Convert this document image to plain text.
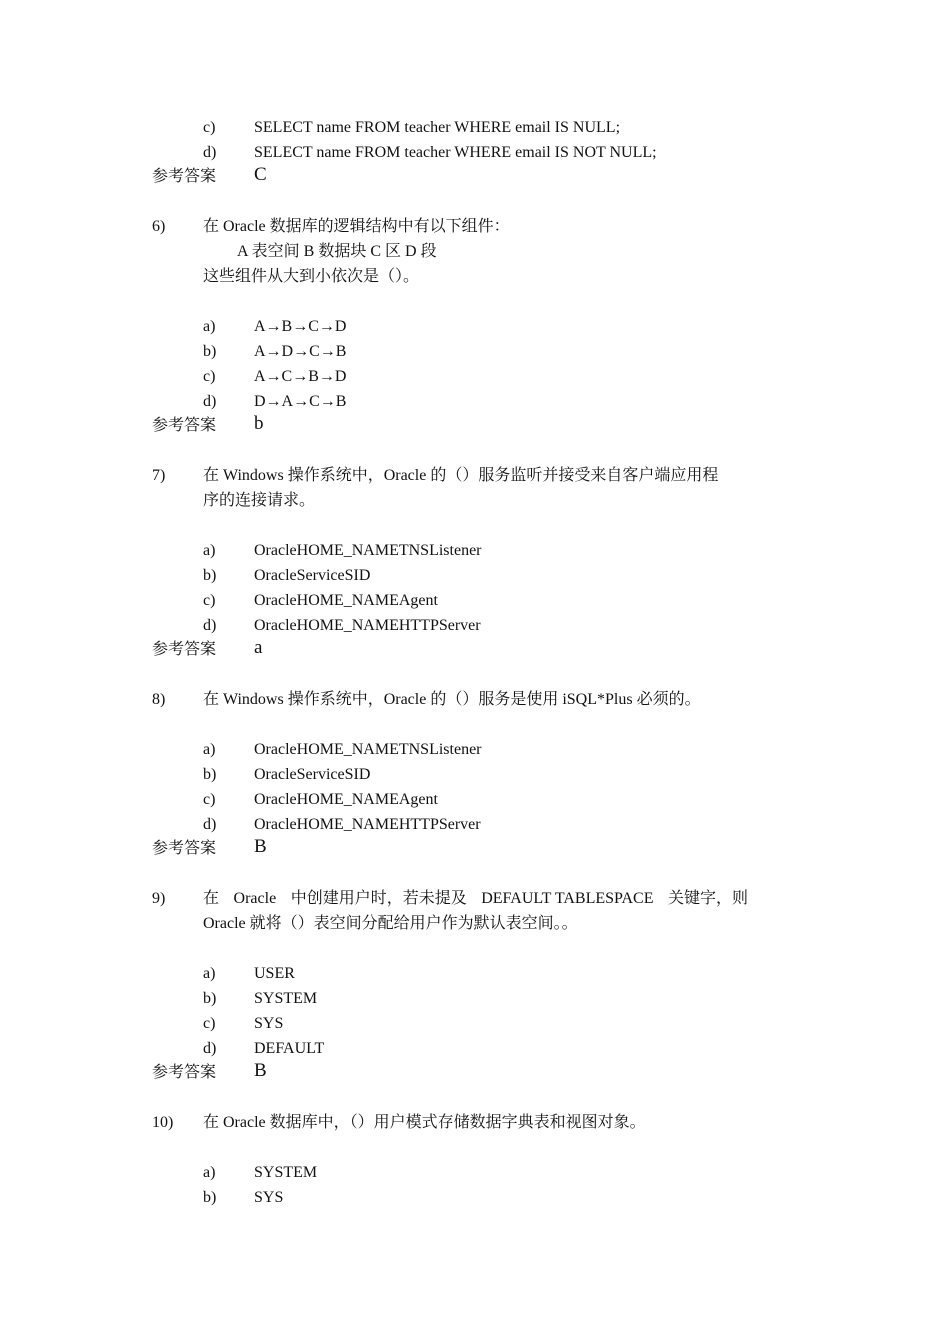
c) SELECT name FROM teacher WHERE email IS NULL;
d) SELECT name FROM teacher WHERE email IS NOT NULL;
参考答案 C
6) 在 Oracle 数据库的逻辑结构中有以下组件：
A 表空间 B 数据块 C 区 D 段
这些组件从大到小依次是（）。
a) A→B→C→D
b) A→D→C→B
c) A→C→B→D
d) D→A→C→B
参考答案 b
7) 在 Windows 操作系统中，Oracle 的（）服务监听并接受来自客户端应用程
序的连接请求。
a) OracleHOME_NAMETNSListener
b) OracleServiceSID
c) OracleHOME_NAMEAgent
d) OracleHOME_NAMEHTTPServer
参考答案 a
8) 在 Windows 操作系统中，Oracle 的（）服务是使用 iSQL*Plus 必须的。
a) OracleHOME_NAMETNSListener
b) OracleServiceSID
c) OracleHOME_NAMEAgent
d) OracleHOME_NAMEHTTPServer
参考答案 B
9) 在 Oracle 中创建用户时，若未提及 DEFAULT TABLESPACE 关键字，则
Oracle 就将（）表空间分配给用户作为默认表空间。。
a) USER
b) SYSTEM
c) SYS
d) DEFAULT
参考答案 B
10) 在 Oracle 数据库中，（）用户模式存储数据字典表和视图对象。
a) SYSTEM
b) SYS
